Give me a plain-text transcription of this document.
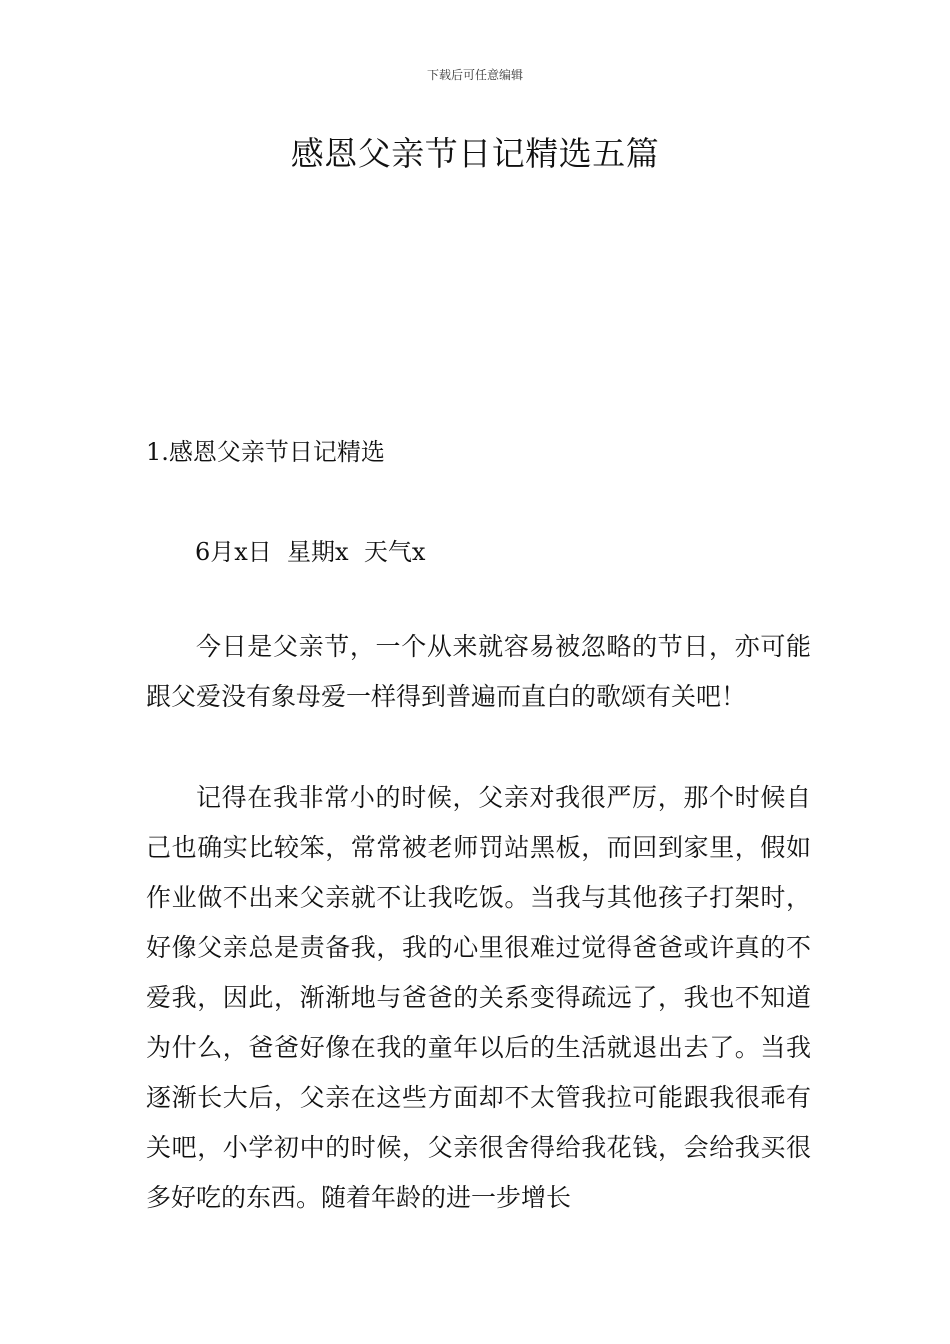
下载后可任意编辑
感恩父亲节日记精选五篇
1.感恩父亲节日记精选
6月x日  星期x  天气x

今日是父亲节，一个从来就容易被忽略的节日，亦可能跟父爱没有象母爱一样得到普遍而直白的歌颂有关吧！

记得在我非常小的时候，父亲对我很严厉，那个时候自己也确实比较笨，常常被老师罚站黑板，而回到家里，假如作业做不出来父亲就不让我吃饭。当我与其他孩子打架时，好像父亲总是责备我，我的心里很难过觉得爸爸或许真的不爱我，因此，渐渐地与爸爸的关系变得疏远了，我也不知道为什么，爸爸好像在我的童年以后的生活就退出去了。当我逐渐长大后，父亲在这些方面却不太管我拉可能跟我很乖有关吧，小学初中的时候，父亲很舍得给我花钱，会给我买很多好吃的东西。随着年龄的进一步增长
